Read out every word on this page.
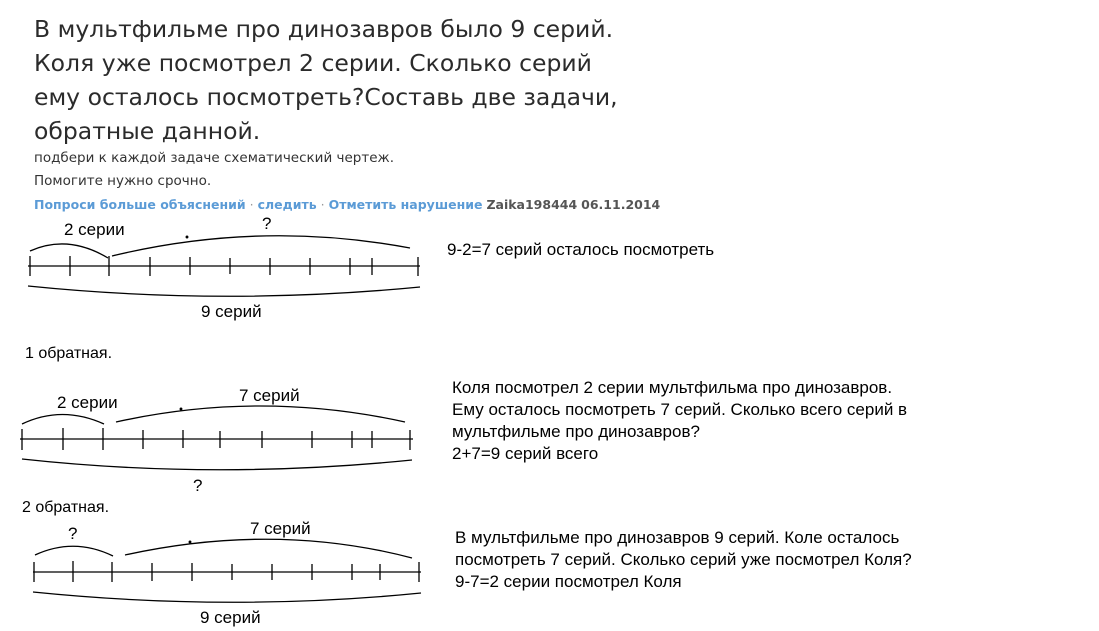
В мультфильме про динозавров было 9 серий.
Коля уже посмотрел 2 серии. Сколько серий
ему осталось посмотреть?Составь две задачи,
обратные данной.
подбери к каждой задаче схематический чертеж.
Помогите нужно срочно.
Попроси больше объяснений · следить · Отметить нарушение Zaika198444 06.11.2014
2 серии	?
9 серий
9-2=7 серий осталось посмотреть
1 обратная.
2 серии	7 серий
?
Коля посмотрел 2 серии мультфильма про динозавров.
Ему осталось посмотреть 7 серий. Сколько всего серий в
мультфильме про динозавров?
2+7=9 серий всего
2 обратная.
?	7 серий
9 серий
В мультфильме про динозавров 9 серий. Коле осталось
посмотреть 7 серий. Сколько серий уже посмотрел Коля?
9-7=2 серии посмотрел Коля
